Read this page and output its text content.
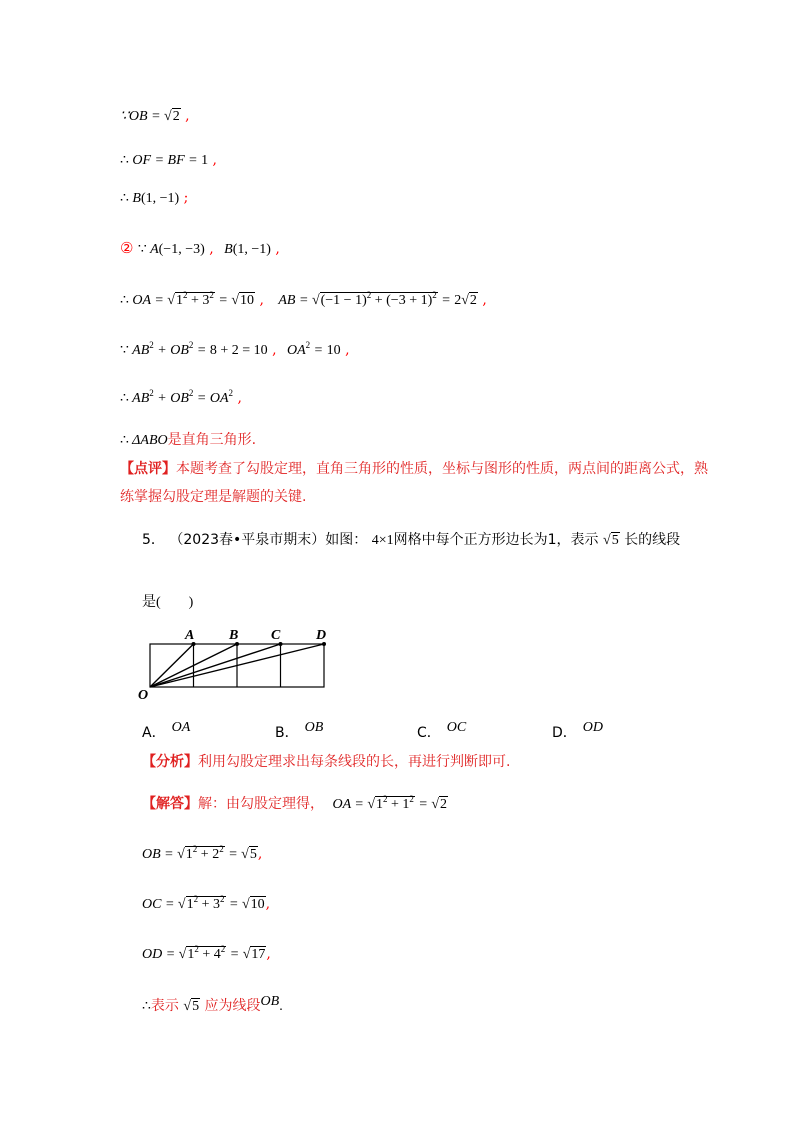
∵OB = √2 ,
∴ OF = BF = 1 ,
∴ B(1, −1) ;
② ∵ A(−1, −3) , B(1, −1) ,
∴ OA = $√1^2 + 3^2 = √10$ , AB = $√(-1 - 1)^2 + (-3 + 1)^2 = 2√2$ ,
∵ $AB^2 + OB^2 = 8 + 2 = 10$ , $OA^2 = 10$ ,
∴ $AB^2 + OB^2 = OA^2$ ,
∴ ΔABO是直角三角形.
【点评】本题考查了勾股定理，直角三角形的性质，坐标与图形的性质，两点间的距离公式，熟练掌握勾股定理是解题的关键.
5． （2023春•平泉市期末）如图： 4×1网格中每个正方形边长为1，表示 √5 长的线段
是(　　)
A B C	D
O
A． OA	B． OB	C． OC	D． OD
【分析】利用勾股定理求出每条线段的长，再进行判断即可.
【解答】解：由勾股定理得， OA = $√1^2 + 1^2 = √2$
OB = $√1^2 + 2^2 = √5$,
OC = $√1^2 + 3^2 = √10$,
OD = $√1^2 + 4^2 = √17$,
∴表示 √5 应为线段OB.
